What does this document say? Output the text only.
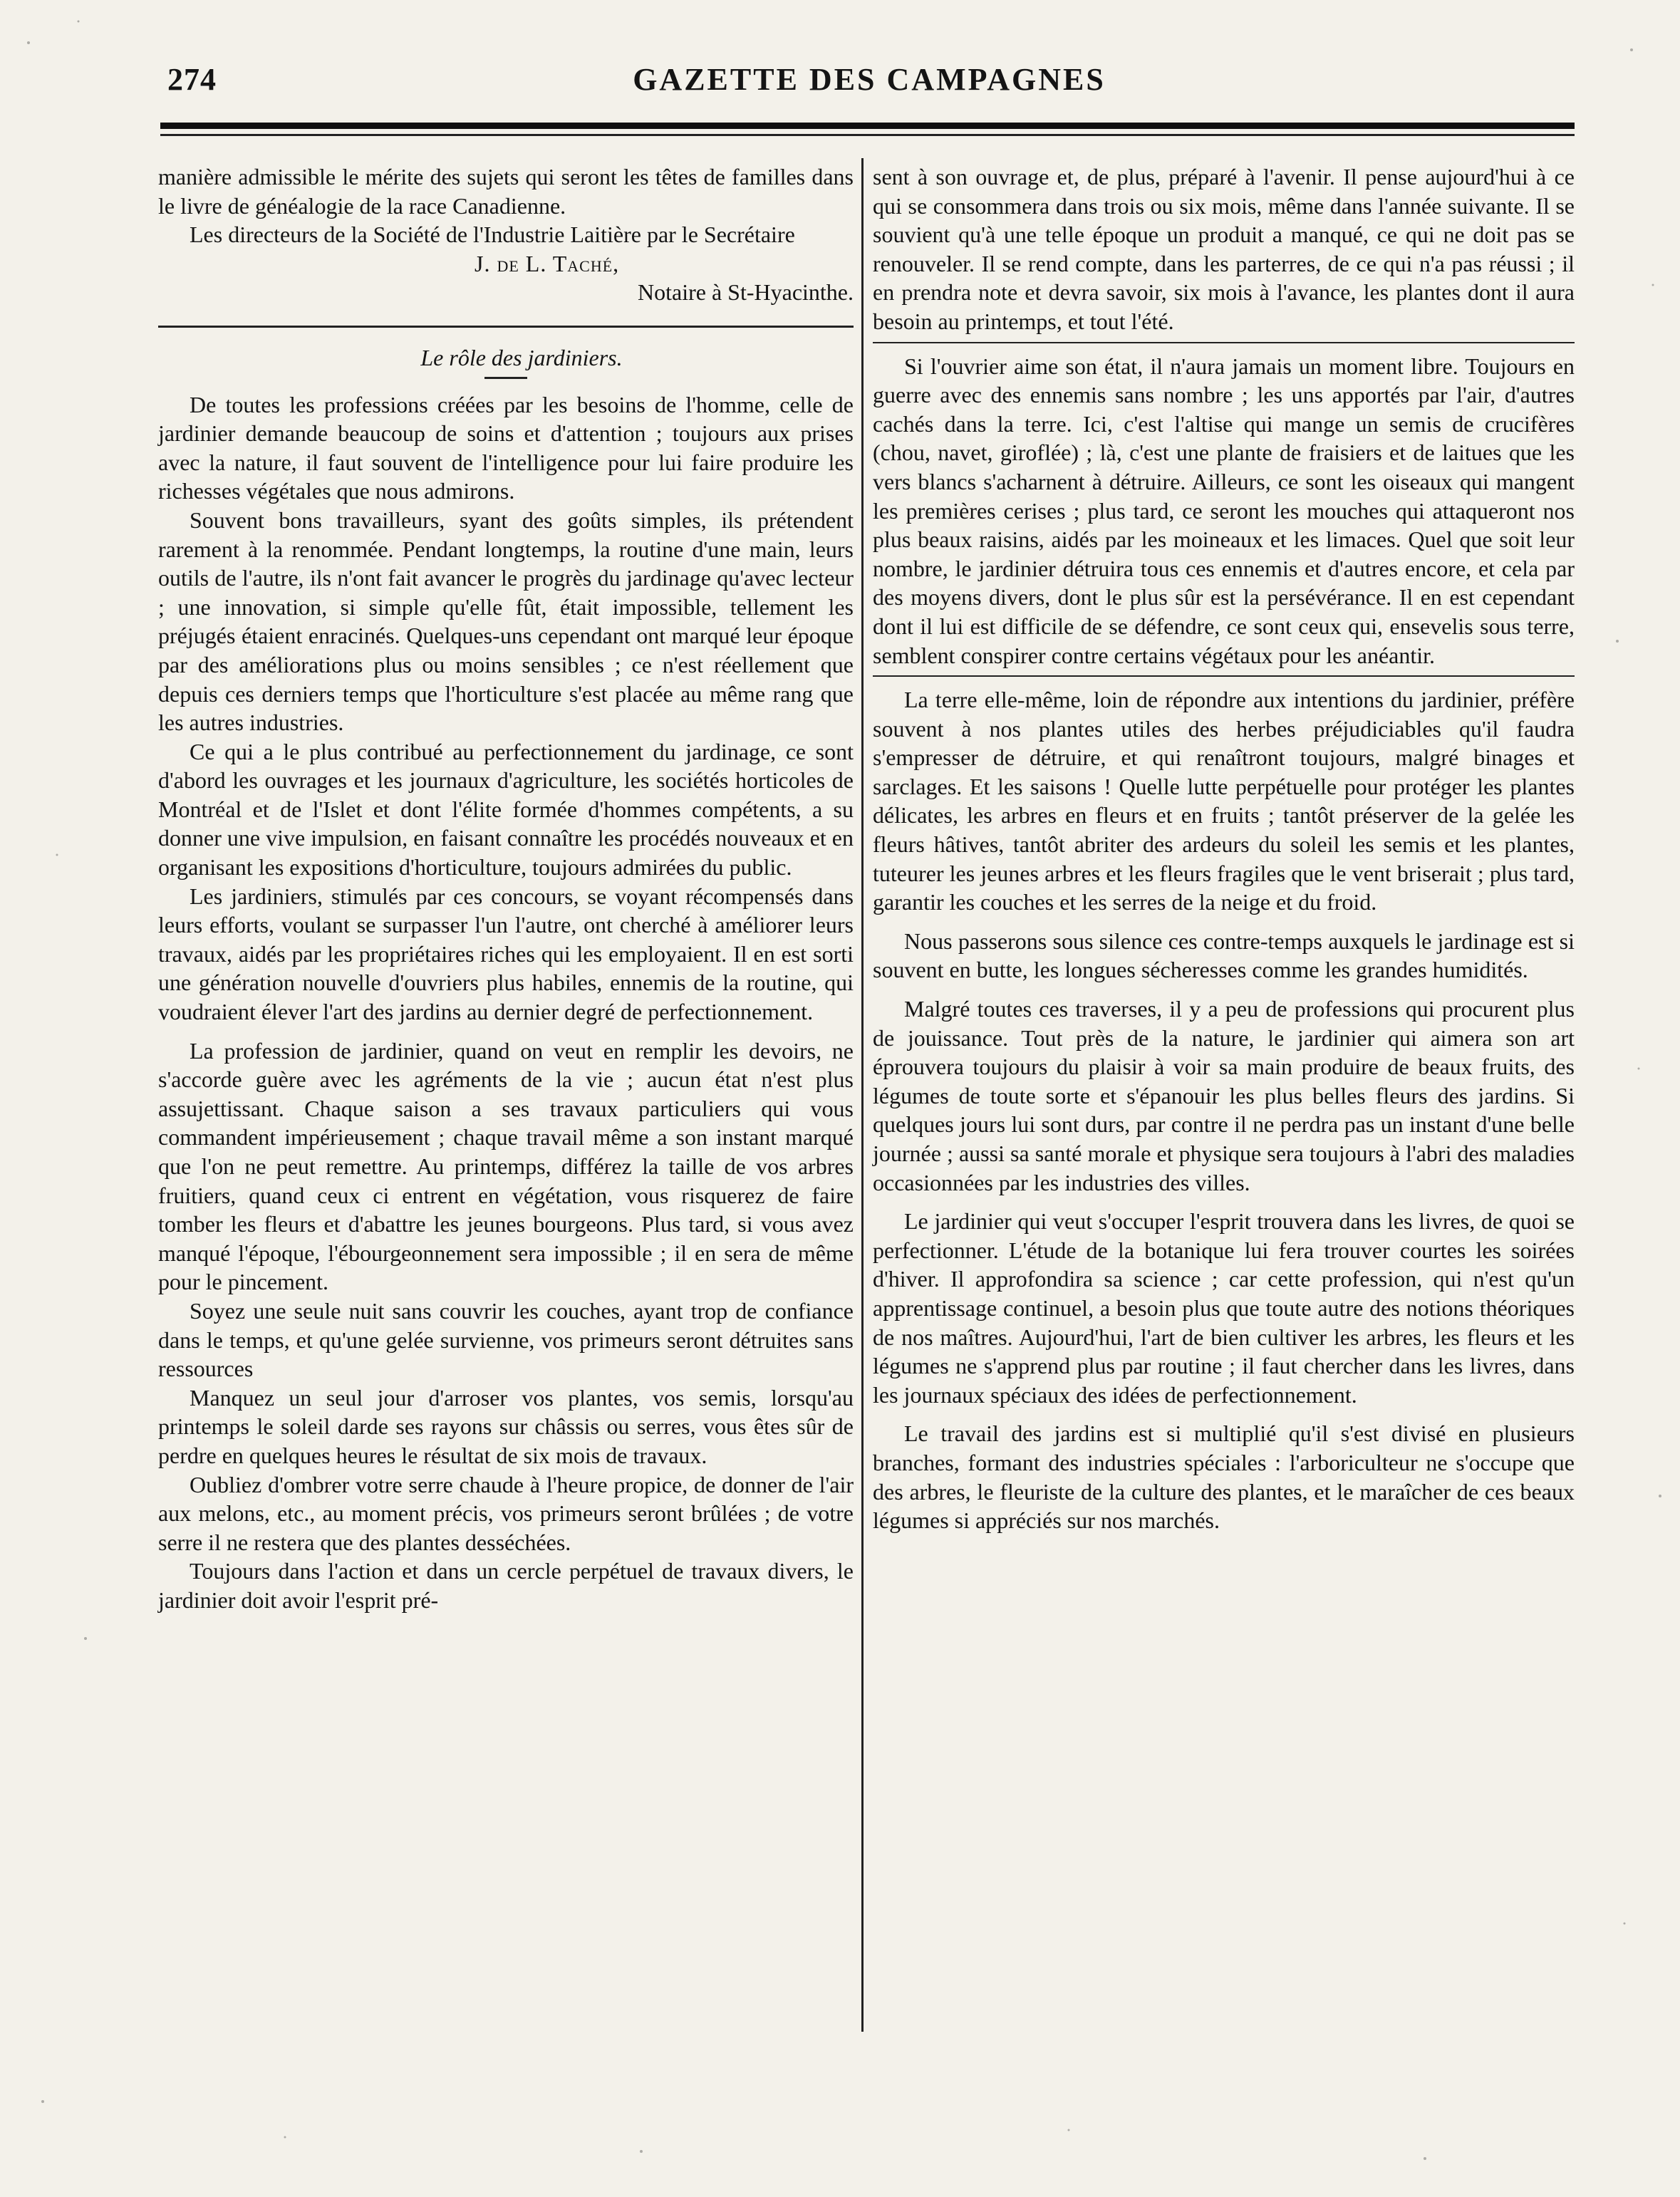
274	GAZETTE DES CAMPAGNES

manière admissible le mérite des sujets qui seront les têtes de familles dans le livre de généalogie de la race Canadienne.

Les directeurs de la Société de l'Industrie Laitière par le Secrétaire

J. de L. Taché,

Notaire à St-Hyacinthe.

Le rôle des jardiniers.

De toutes les professions créées par les besoins de l'homme, celle de jardinier demande beaucoup de soins et d'attention ; toujours aux prises avec la nature, il faut souvent de l'intelligence pour lui faire produire les richesses végétales que nous admirons.

Souvent bons travailleurs, syant des goûts simples, ils prétendent rarement à la renommée. Pendant longtemps, la routine d'une main, leurs outils de l'autre, ils n'ont fait avancer le progrès du jardinage qu'avec lecteur ; une innovation, si simple qu'elle fût, était impossible, tellement les préjugés étaient enracinés. Quelques-uns cependant ont marqué leur époque par des améliorations plus ou moins sensibles ; ce n'est réellement que depuis ces derniers temps que l'horticulture s'est placée au même rang que les autres industries.

Ce qui a le plus contribué au perfectionnement du jardinage, ce sont d'abord les ouvrages et les journaux d'agriculture, les sociétés horticoles de Montréal et de l'Islet et dont l'élite formée d'hommes compétents, a su donner une vive impulsion, en faisant connaître les procédés nouveaux et en organisant les expositions d'horticulture, toujours admirées du public.

Les jardiniers, stimulés par ces concours, se voyant récompensés dans leurs efforts, voulant se surpasser l'un l'autre, ont cherché à améliorer leurs travaux, aidés par les propriétaires riches qui les employaient. Il en est sorti une génération nouvelle d'ouvriers plus habiles, ennemis de la routine, qui voudraient élever l'art des jardins au dernier degré de perfectionnement.

La profession de jardinier, quand on veut en remplir les devoirs, ne s'accorde guère avec les agréments de la vie ; aucun état n'est plus assujettissant. Chaque saison a ses travaux particuliers qui vous commandent impérieusement ; chaque travail même a son instant marqué que l'on ne peut remettre. Au printemps, différez la taille de vos arbres fruitiers, quand ceux ci entrent en végétation, vous risquerez de faire tomber les fleurs et d'abattre les jeunes bourgeons. Plus tard, si vous avez manqué l'époque, l'ébourgeonnement sera impossible ; il en sera de même pour le pincement.

Soyez une seule nuit sans couvrir les couches, ayant trop de confiance dans le temps, et qu'une gelée survienne, vos primeurs seront détruites sans ressources

Manquez un seul jour d'arroser vos plantes, vos semis, lorsqu'au printemps le soleil darde ses rayons sur châssis ou serres, vous êtes sûr de perdre en quelques heures le résultat de six mois de travaux.

Oubliez d'ombrer votre serre chaude à l'heure propice, de donner de l'air aux melons, etc., au moment précis, vos primeurs seront brûlées ; de votre serre il ne restera que des plantes desséchées.

Toujours dans l'action et dans un cercle perpétuel de travaux divers, le jardinier doit avoir l'esprit pré-

sent à son ouvrage et, de plus, préparé à l'avenir. Il pense aujourd'hui à ce qui se consommera dans trois ou six mois, même dans l'année suivante. Il se souvient qu'à une telle époque un produit a manqué, ce qui ne doit pas se renouveler. Il se rend compte, dans les parterres, de ce qui n'a pas réussi ; il en prendra note et devra savoir, six mois à l'avance, les plantes dont il aura besoin au printemps, et tout l'été.

Si l'ouvrier aime son état, il n'aura jamais un moment libre. Toujours en guerre avec des ennemis sans nombre ; les uns apportés par l'air, d'autres cachés dans la terre. Ici, c'est l'altise qui mange un semis de crucifères (chou, navet, giroflée) ; là, c'est une plante de fraisiers et de laitues que les vers blancs s'acharnent à détruire. Ailleurs, ce sont les oiseaux qui mangent les premières cerises ; plus tard, ce seront les mouches qui attaqueront nos plus beaux raisins, aidés par les moineaux et les limaces. Quel que soit leur nombre, le jardinier détruira tous ces ennemis et d'autres encore, et cela par des moyens divers, dont le plus sûr est la persévérance. Il en est cependant dont il lui est difficile de se défendre, ce sont ceux qui, ensevelis sous terre, semblent conspirer contre certains végétaux pour les anéantir.

La terre elle-même, loin de répondre aux intentions du jardinier, préfère souvent à nos plantes utiles des herbes préjudiciables qu'il faudra s'empresser de détruire, et qui renaîtront toujours, malgré binages et sarclages. Et les saisons ! Quelle lutte perpétuelle pour protéger les plantes délicates, les arbres en fleurs et en fruits ; tantôt préserver de la gelée les fleurs hâtives, tantôt abriter des ardeurs du soleil les semis et les plantes, tuteurer les jeunes arbres et les fleurs fragiles que le vent briserait ; plus tard, garantir les couches et les serres de la neige et du froid.

Nous passerons sous silence ces contre-temps auxquels le jardinage est si souvent en butte, les longues sécheresses comme les grandes humidités.

Malgré toutes ces traverses, il y a peu de professions qui procurent plus de jouissance. Tout près de la nature, le jardinier qui aimera son art éprouvera toujours du plaisir à voir sa main produire de beaux fruits, des légumes de toute sorte et s'épanouir les plus belles fleurs des jardins. Si quelques jours lui sont durs, par contre il ne perdra pas un instant d'une belle journée ; aussi sa santé morale et physique sera toujours à l'abri des maladies occasionnées par les industries des villes.

Le jardinier qui veut s'occuper l'esprit trouvera dans les livres, de quoi se perfectionner. L'étude de la botanique lui fera trouver courtes les soirées d'hiver. Il approfondira sa science ; car cette profession, qui n'est qu'un apprentissage continuel, a besoin plus que toute autre des notions théoriques de nos maîtres. Aujourd'hui, l'art de bien cultiver les arbres, les fleurs et les légumes ne s'apprend plus par routine ; il faut chercher dans les livres, dans les journaux spéciaux des idées de perfectionnement.

Le travail des jardins est si multiplié qu'il s'est divisé en plusieurs branches, formant des industries spéciales : l'arboriculteur ne s'occupe que des arbres, le fleuriste de la culture des plantes, et le maraîcher de ces beaux légumes si appréciés sur nos marchés.
